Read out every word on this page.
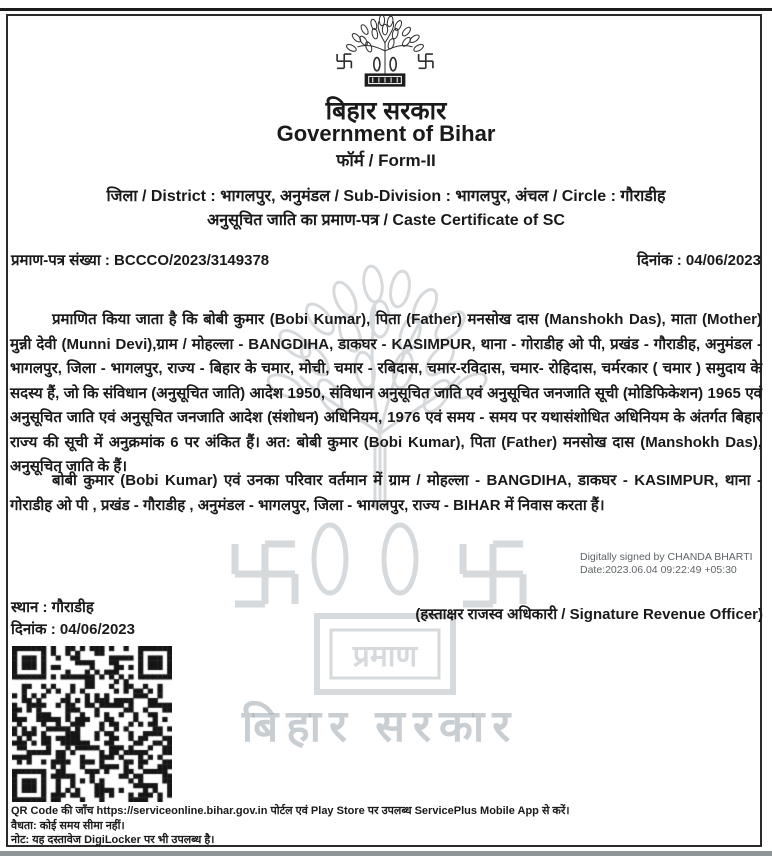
प्रमाण
बिहार सरकार
बिहार सरकार
Government of Bihar
फॉर्म / Form-II
जिला / District : भागलपुर, अनुमंडल / Sub-Division : भागलपुर, अंचल / Circle : गौराडीह
अनुसूचित जाति का प्रमाण-पत्र / Caste Certificate of SC
प्रमाण-पत्र संख्या : BCCCO/2023/3149378	दिनांक : 04/06/2023
प्रमाणित किया जाता है कि बोबी कुमार (Bobi Kumar), पिता (Father) मनसोख दास (Manshokh Das), माता (Mother) मुन्नी देवी (Munni Devi),ग्राम / मोहल्ला - BANGDIHA, डाकघर - KASIMPUR, थाना - गोराडीह ओ पी, प्रखंड - गौराडीह, अनुमंडल - भागलपुर, जिला - भागलपुर, राज्य - बिहार के चमार, मोची, चमार - रबिदास, चमार-रविदास, चमार- रोहिदास, चर्मरकार ( चमार ) समुदाय के सदस्य हैं, जो कि संविधान (अनुसूचित जाति) आदेश 1950, संविधान अनुसूचित जाति एवं अनुसूचित जनजाति सूची (मोडिफिकेशन) 1965 एवं अनुसूचित जाति एवं अनुसूचित जनजाति आदेश (संशोधन) अधिनियम, 1976 एवं समय - समय पर यथासंशोधित अधिनियम के अंतर्गत बिहार राज्य की सूची में अनुक्रमांक 6 पर अंकित हैं। अत: बोबी कुमार (Bobi Kumar), पिता (Father) मनसोख दास (Manshokh Das), अनुसूचित जाति के हैं।
बोबी कुमार (Bobi Kumar) एवं उनका परिवार वर्तमान में ग्राम / मोहल्ला - BANGDIHA, डाकघर - KASIMPUR, थाना - गोराडीह ओ पी , प्रखंड - गौराडीह , अनुमंडल - भागलपुर, जिला - भागलपुर, राज्य - BIHAR में निवास करता हैं।
Digitally signed by CHANDA BHARTI
Date:2023.06.04 09:22:49 +05:30
स्थान : गौराडीह
दिनांक : 04/06/2023
(हस्ताक्षर राजस्व अधिकारी / Signature Revenue Officer)
QR Code की जाँच https://serviceonline.bihar.gov.in पोर्टल एवं Play Store पर उपलब्ध ServicePlus Mobile App से करें।
वैधता: कोई समय सीमा नहीं।
नोट: यह दस्तावेज DigiLocker पर भी उपलब्ध है।
